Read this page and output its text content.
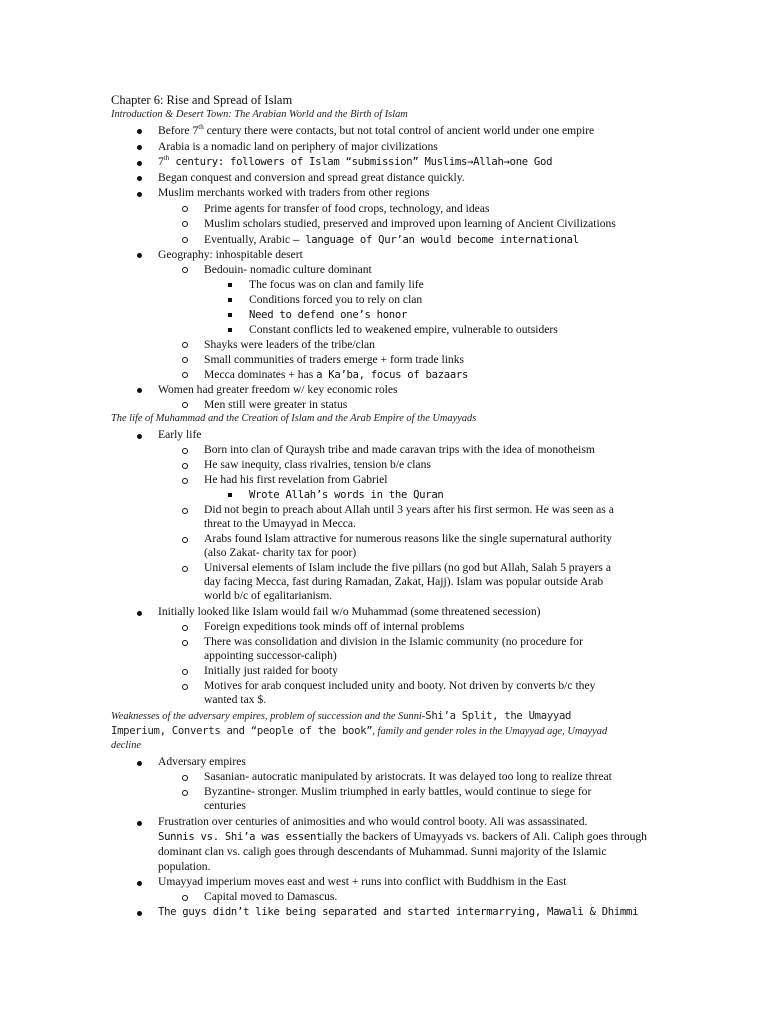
Chapter 6: Rise and Spread of Islam
Introduction & Desert Town: The Arabian World and the Birth of Islam
Before 7th century there were contacts, but not total control of ancient world under one empire
Arabia is a nomadic land on periphery of major civilizations
7th century: followers of Islam “submission” Muslims→Allah→one God
Began conquest and conversion and spread great distance quickly.
Muslim merchants worked with traders from other regions
Prime agents for transfer of food crops, technology, and ideas
Muslim scholars studied, preserved and improved upon learning of Ancient Civilizations
Eventually, Arabic – language of Qur’an would become international
Geography: inhospitable desert
Bedouin- nomadic culture dominant
The focus was on clan and family life
Conditions forced you to rely on clan
Need to defend one’s honor
Constant conflicts led to weakened empire, vulnerable to outsiders
Shayks were leaders of the tribe/clan
Small communities of traders emerge + form trade links
Mecca dominates + has a Ka’ba, focus of bazaars
Women had greater freedom w/ key economic roles
Men still were greater in status
The life of Muhammad and the Creation of Islam and the Arab Empire of the Umayyads
Early life
Born into clan of Quraysh tribe and made caravan trips with the idea of monotheism
He saw inequity, class rivalries, tension b/e clans
He had his first revelation from Gabriel
Wrote Allah’s words in the Quran
Did not begin to preach about Allah until 3 years after his first sermon. He was seen as a
threat to the Umayyad in Mecca.
Arabs found Islam attractive for numerous reasons like the single supernatural authority
(also Zakat- charity tax for poor)
Universal elements of Islam include the five pillars (no god but Allah, Salah 5 prayers a
day facing Mecca, fast during Ramadan, Zakat, Hajj). Islam was popular outside Arab
world b/c of egalitarianism.
Initially looked like Islam would fail w/o Muhammad (some threatened secession)
Foreign expeditions took minds off of internal problems
There was consolidation and division in the Islamic community (no procedure for
appointing successor-caliph)
Initially just raided for booty
Motives for arab conquest included unity and booty. Not driven by converts b/c they
wanted tax $.
Weaknesses of the adversary empires, problem of succession and the Sunni-Shi’a Split, the Umayyad
Imperium, Converts and “people of the book”, family and gender roles in the Umayyad age, Umayyad
decline
Adversary empires
Sasanian- autocratic manipulated by aristocrats. It was delayed too long to realize threat
Byzantine- stronger. Muslim triumphed in early battles, would continue to siege for
centuries
Frustration over centuries of animosities and who would control booty. Ali was assassinated.
Sunnis vs. Shi’a was essentially the backers of Umayyads vs. backers of Ali. Caliph goes through
dominant clan vs. caligh goes through descendants of Muhammad. Sunni majority of the Islamic
population.
Umayyad imperium moves east and west + runs into conflict with Buddhism in the East
Capital moved to Damascus.
The guys didn’t like being separated and started intermarrying, Mawali & Dhimmi
